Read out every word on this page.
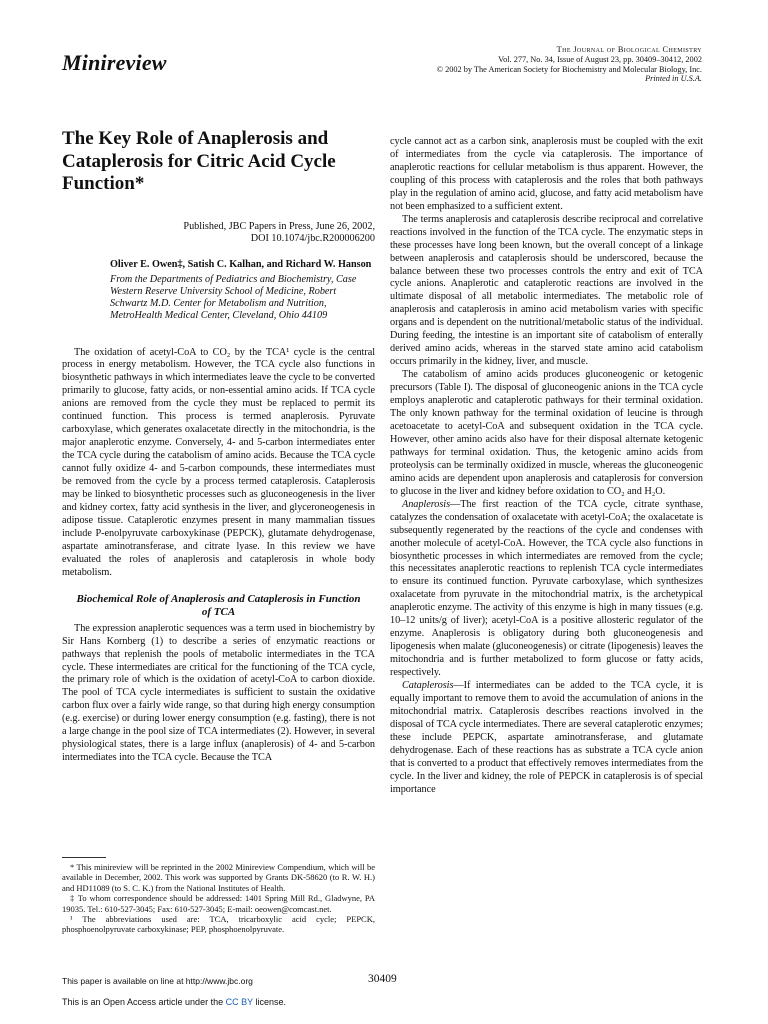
Minireview
The Journal of Biological Chemistry
Vol. 277, No. 34, Issue of August 23, pp. 30409–30412, 2002
© 2002 by The American Society for Biochemistry and Molecular Biology, Inc.
Printed in U.S.A.
The Key Role of Anaplerosis and Cataplerosis for Citric Acid Cycle Function*
Published, JBC Papers in Press, June 26, 2002,
DOI 10.1074/jbc.R200006200
Oliver E. Owen‡, Satish C. Kalhan, and Richard W. Hanson
From the Departments of Pediatrics and Biochemistry, Case Western Reserve University School of Medicine, Robert Schwartz M.D. Center for Metabolism and Nutrition, MetroHealth Medical Center, Cleveland, Ohio 44109

The oxidation of acetyl-CoA to CO₂ by the TCA¹ cycle is the central process in energy metabolism. However, the TCA cycle also functions in biosynthetic pathways in which intermediates leave the cycle to be converted primarily to glucose, fatty acids, or non-essential amino acids. If TCA cycle anions are removed from the cycle they must be replaced to permit its continued function. This process is termed anaplerosis. Pyruvate carboxylase, which generates oxalacetate directly in the mitochondria, is the major anaplerotic enzyme. Conversely, 4- and 5-carbon intermediates enter the TCA cycle during the catabolism of amino acids. Because the TCA cycle cannot fully oxidize 4- and 5-carbon compounds, these intermediates must be removed from the cycle by a process termed cataplerosis. Cataplerosis may be linked to biosynthetic processes such as gluconeogenesis in the liver and kidney cortex, fatty acid synthesis in the liver, and glyceroneogenesis in adipose tissue. Cataplerotic enzymes present in many mammalian tissues include P-enolpyruvate carboxykinase (PEPCK), glutamate dehydrogenase, aspartate aminotransferase, and citrate lyase. In this review we have evaluated the roles of anaplerosis and cataplerosis in whole body metabolism.

Biochemical Role of Anaplerosis and Cataplerosis in Function of TCA

The expression anaplerotic sequences was a term used in biochemistry by Sir Hans Kornberg (1) to describe a series of enzymatic reactions or pathways that replenish the pools of metabolic intermediates in the TCA cycle. These intermediates are critical for the functioning of the TCA cycle, the primary role of which is the oxidation of acetyl-CoA to carbon dioxide. The pool of TCA cycle intermediates is sufficient to sustain the oxidative carbon flux over a fairly wide range, so that during high energy consumption (e.g. exercise) or during lower energy consumption (e.g. fasting), there is not a large change in the pool size of TCA intermediates (2). However, in several physiological states, there is a large influx (anaplerosis) of 4- and 5-carbon intermediates into the TCA cycle. Because the TCA

* This minireview will be reprinted in the 2002 Minireview Compendium, which will be available in December, 2002. This work was supported by Grants DK-58620 (to R. W. H.) and HD11089 (to S. C. K.) from the National Institutes of Health.

‡ To whom correspondence should be addressed: 1401 Spring Mill Rd., Gladwyne, PA 19035. Tel.: 610-527-3045; Fax: 610-527-3045; E-mail: oeowen@comcast.net.

¹ The abbreviations used are: TCA, tricarboxylic acid cycle; PEPCK, phosphoenolpyruvate carboxykinase; PEP, phosphoenolpyruvate.

cycle cannot act as a carbon sink, anaplerosis must be coupled with the exit of intermediates from the cycle via cataplerosis. The importance of anaplerotic reactions for cellular metabolism is thus apparent. However, the coupling of this process with cataplerosis and the roles that both pathways play in the regulation of amino acid, glucose, and fatty acid metabolism have not been emphasized to a sufficient extent.

The terms anaplerosis and cataplerosis describe reciprocal and correlative reactions involved in the function of the TCA cycle. The enzymatic steps in these processes have long been known, but the overall concept of a linkage between anaplerosis and cataplerosis should be underscored, because the balance between these two processes controls the entry and exit of TCA cycle anions. Anaplerotic and cataplerotic reactions are involved in the ultimate disposal of all metabolic intermediates. The metabolic role of anaplerosis and cataplerosis in amino acid metabolism varies with specific organs and is dependent on the nutritional/metabolic status of the individual. During feeding, the intestine is an important site of catabolism of enterally derived amino acids, whereas in the starved state amino acid catabolism occurs primarily in the kidney, liver, and muscle.

The catabolism of amino acids produces gluconeogenic or ketogenic precursors (Table I). The disposal of gluconeogenic anions in the TCA cycle employs anaplerotic and cataplerotic pathways for their terminal oxidation. The only known pathway for the terminal oxidation of leucine is through acetoacetate to acetyl-CoA and subsequent oxidation in the TCA cycle. However, other amino acids also have for their disposal alternate ketogenic pathways for terminal oxidation. Thus, the ketogenic amino acids from proteolysis can be terminally oxidized in muscle, whereas the gluconeogenic amino acids are dependent upon anaplerosis and cataplerosis for conversion to glucose in the liver and kidney before oxidation to CO₂ and H₂O.

Anaplerosis—The first reaction of the TCA cycle, citrate synthase, catalyzes the condensation of oxalacetate with acetyl-CoA; the oxalacetate is subsequently regenerated by the reactions of the cycle and condenses with another molecule of acetyl-CoA. However, the TCA cycle also functions in biosynthetic processes in which intermediates are removed from the cycle; this necessitates anaplerotic reactions to replenish TCA cycle intermediates to ensure its continued function. Pyruvate carboxylase, which synthesizes oxalacetate from pyruvate in the mitochondrial matrix, is the archetypical anaplerotic enzyme. The activity of this enzyme is high in many tissues (e.g. 10–12 units/g of liver); acetyl-CoA is a positive allosteric regulator of the enzyme. Anaplerosis is obligatory during both gluconeogenesis and lipogenesis when malate (gluconeogenesis) or citrate (lipogenesis) leaves the mitochondria and is further metabolized to form glucose or fatty acids, respectively.

Cataplerosis—If intermediates can be added to the TCA cycle, it is equally important to remove them to avoid the accumulation of anions in the mitochondrial matrix. Cataplerosis describes reactions involved in the disposal of TCA cycle intermediates. There are several cataplerotic enzymes; these include PEPCK, aspartate aminotransferase, and glutamate dehydrogenase. Each of these reactions has as substrate a TCA cycle anion that is converted to a product that effectively removes intermediates from the cycle. In the liver and kidney, the role of PEPCK in cataplerosis is of special importance

This paper is available on line at http://www.jbc.org	30409
This is an Open Access article under the CC BY license.
